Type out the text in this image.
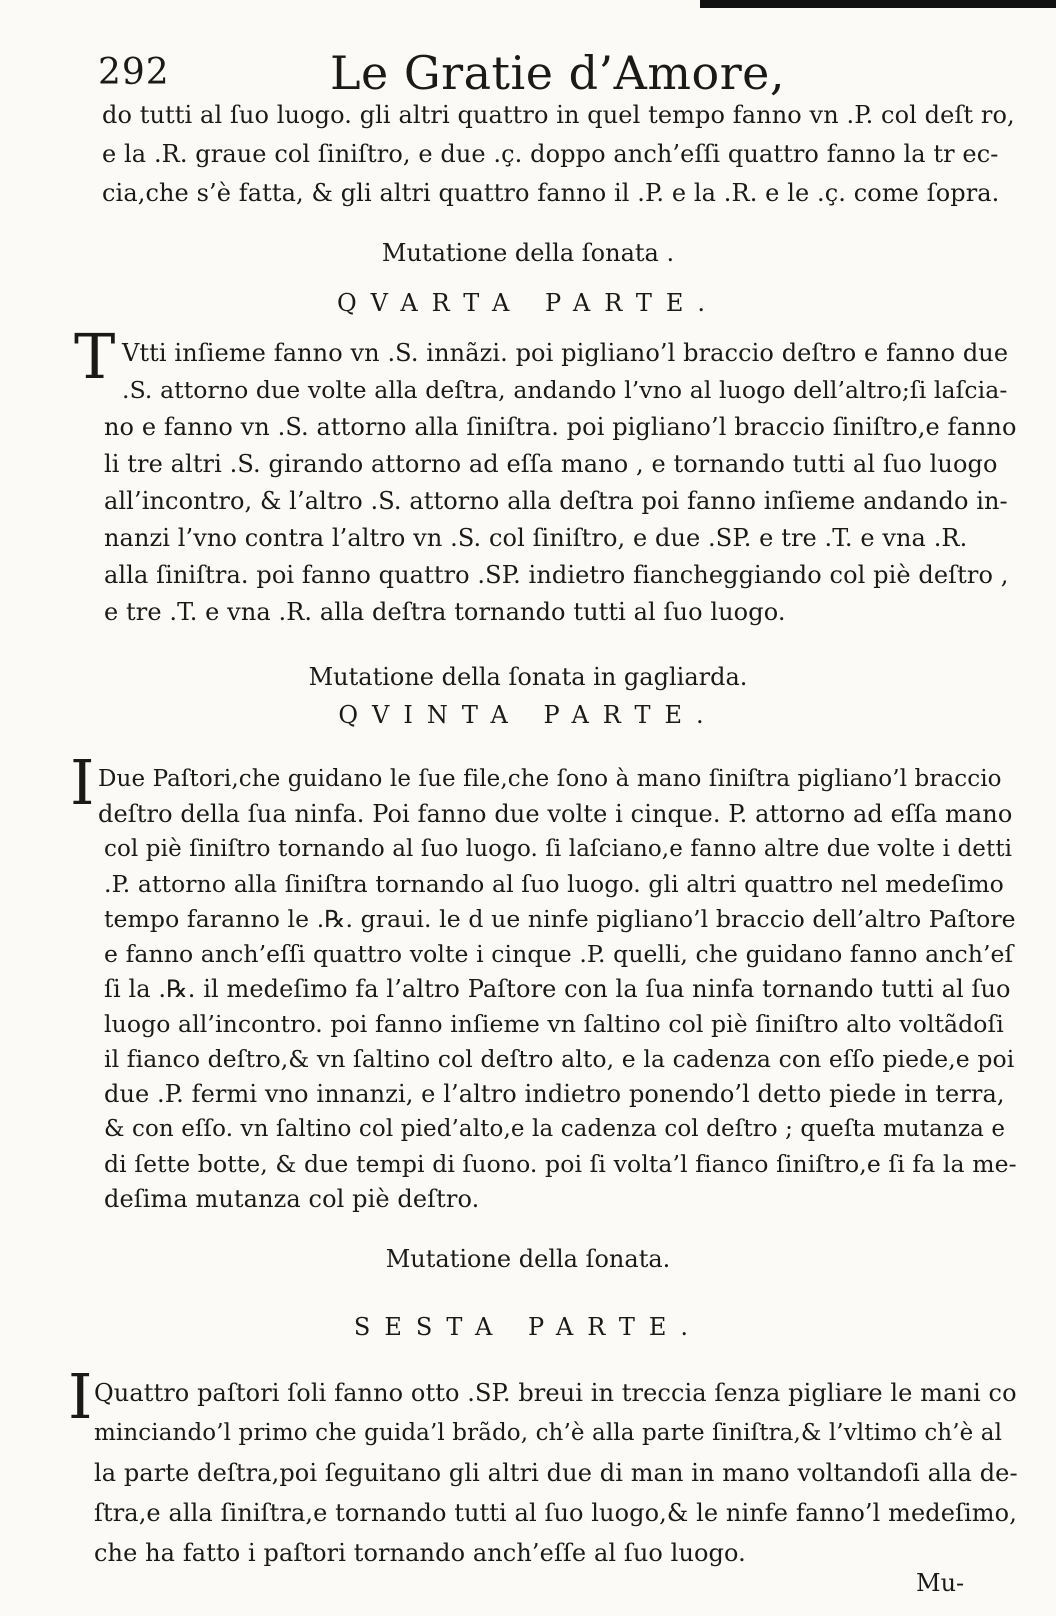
292	Le Gratie d’Amore,
do tutti al ſuo luogo. gli altri quattro in quel tempo fanno vn .P. col deſt ro,
e la .R. graue col ſiniſtro, e due .ç. doppo anch’eſſi quattro fanno la tr ec-
cia,che s’è fatta, & gli altri quattro fanno il .P. e la .R. e le .ç. come ſopra.
Mutatione della ſonata .
QVARTA PARTE.
T Vtti inſieme fanno vn .S. innãzi. poi pigliano’l braccio deſtro e fanno due
.S. attorno due volte alla deſtra, andando l’vno al luogo dell’altro;ſi laſcia-
no e fanno vn .S. attorno alla ſiniſtra. poi pigliano’l braccio ſiniſtro,e fanno
li tre altri .S. girando attorno ad eſſa mano , e tornando tutti al ſuo luogo
all’incontro, & l’altro .S. attorno alla deſtra poi fanno inſieme andando in-
nanzi l’vno contra l’altro vn .S. col ſiniſtro, e due .SP. e tre .T. e vna .R.
alla ſiniſtra. poi fanno quattro .SP. indietro fiancheggiando col piè deſtro ,
e tre .T. e vna .R. alla deſtra tornando tutti al ſuo luogo.
Mutatione della ſonata in gagliarda.
QVINTA PARTE.
I Due Paſtori,che guidano le ſue file,che ſono à mano ſiniſtra pigliano’l braccio
deſtro della ſua ninfa. Poi fanno due volte i cinque. P. attorno ad eſſa mano
col piè ſiniſtro tornando al ſuo luogo. ſi laſciano,e fanno altre due volte i detti
.P. attorno alla ſiniſtra tornando al ſuo luogo. gli altri quattro nel medeſimo
tempo faranno le .℞. graui. le d ue ninfe pigliano’l braccio dell’altro Paſtore
e fanno anch’eſſi quattro volte i cinque .P. quelli, che guidano fanno anch’eſ
ſi la .℞. il medeſimo fa l’altro Paſtore con la ſua ninfa tornando tutti al ſuo
luogo all’incontro. poi fanno inſieme vn ſaltino col piè ſiniſtro alto voltãdoſi
il fianco deſtro,& vn ſaltino col deſtro alto, e la cadenza con eſſo piede,e poi
due .P. fermi vno innanzi, e l’altro indietro ponendo’l detto piede in terra,
& con eſſo. vn ſaltino col pied’alto,e la cadenza col deſtro ; queſta mutanza e
di ſette botte, & due tempi di ſuono. poi ſi volta’l fianco ſiniſtro,e ſi fa la me-
deſima mutanza col piè deſtro.
Mutatione della ſonata.
SESTA PARTE.
I Quattro paſtori ſoli fanno otto .SP. breui in treccia ſenza pigliare le mani co
minciando’l primo che guida’l brãdo, ch’è alla parte ſiniſtra,& l’vltimo ch’è al
la parte deſtra,poi ſeguitano gli altri due di man in mano voltandoſi alla de-
ſtra,e alla ſiniſtra,e tornando tutti al ſuo luogo,& le ninfe fanno’l medeſimo,
che ha fatto i paſtori tornando anch’eſſe al ſuo luogo.
Mu-
